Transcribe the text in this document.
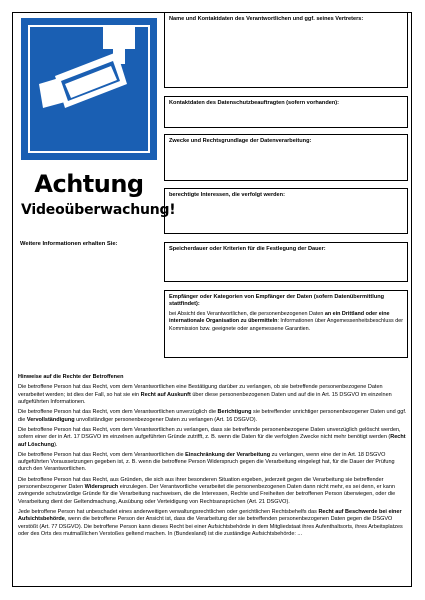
Achtung
Videoüberwachung!
Weitere Informationen erhalten Sie:
Name und Kontaktdaten des Verantwortlichen und ggf. seines Vertreters:
Kontaktdaten des Datenschutzbeauftragten (sofern vorhanden):
Zwecke und Rechtsgrundlage der Datenverarbeitung:
berechtigte Interessen, die verfolgt werden:
Speicherdauer oder Kriterien für die Festlegung der Dauer:
Empfänger oder Kategorien von Empfänger der Daten (sofern Datenübermittlung stattfindet):
bei Absicht des Verantwortlichen, die personenbezogenen Daten an ein Drittland oder eine internationale Organisation zu übermitteln: Informationen über Angemessenheitsbeschluss der Kommission bzw. geeignete oder angemessene Garantien.
Hinweise auf die Rechte der Betroffenen

Die betroffene Person hat das Recht, vom dem Verantwortlichen eine Bestätigung darüber zu verlangen, ob sie betreffende personenbezogene Daten verarbeitet werden; ist dies der Fall, so hat sie ein Recht auf Auskunft über diese personenbezogenen Daten und auf die in Art. 15 DSGVO im einzelnen aufgeführten Informationen.

Die betroffene Person hat das Recht, vom dem Verantwortlichen unverzüglich die Berichtigung sie betreffender unrichtiger personenbezogener Daten und ggf. die Vervollständigung unvollständiger personenbezogener Daten zu verlangen (Art. 16 DSGVO).

Die betroffene Person hat das Recht, vom dem Verantwortlichen zu verlangen, dass sie betreffende personenbezogene Daten unverzüglich gelöscht werden, sofern einer der in Art. 17 DSGVO im einzelnen aufgeführten Gründe zutrifft, z. B. wenn die Daten für die verfolgten Zwecke nicht mehr benötigt werden (Recht auf Löschung).

Die betroffene Person hat das Recht, vom dem Verantwortlichen die Einschränkung der Verarbeitung zu verlangen, wenn eine der in Art. 18 DSGVO aufgeführten Voraussetzungen gegeben ist, z. B. wenn die betroffene Person Widerspruch gegen die Verarbeitung eingelegt hat, für die Dauer der Prüfung durch den Verantwortlichen.

Die betroffene Person hat das Recht, aus Gründen, die sich aus ihrer besonderen Situation ergeben, jederzeit gegen die Verarbeitung sie betreffender personenbezogener Daten Widerspruch einzulegen. Der Verantwortliche verarbeitet die personenbezogenen Daten dann nicht mehr, es sei denn, er kann zwingende schutzwürdige Gründe für die Verarbeitung nachweisen, die die Interessen, Rechte und Freiheiten der betroffenen Person überwiegen, oder die Verarbeitung dient der Geltendmachung, Ausübung oder Verteidigung von Rechtsansprüchen (Art. 21 DSGVO).

Jede betroffene Person hat unbeschadet eines anderweitigen verwaltungsrechtlichen oder gerichtlichen Rechtsbehelfs das Recht auf Beschwerde bei einer Aufsichtsbehörde, wenn die betroffene Person der Ansicht ist, dass die Verarbeitung der sie betreffenden personenbezogenen Daten gegen die DSGVO verstößt (Art. 77 DSGVO). Die betroffene Person kann dieses Recht bei einer Aufsichtsbehörde in dem Mitgliedstaat ihres Aufenthaltsorts, ihres Arbeitsplatzes oder des Orts des mutmaßlichen Verstoßes geltend machen. In (Bundesland) ist die zuständige Aufsichtsbehörde: ...
